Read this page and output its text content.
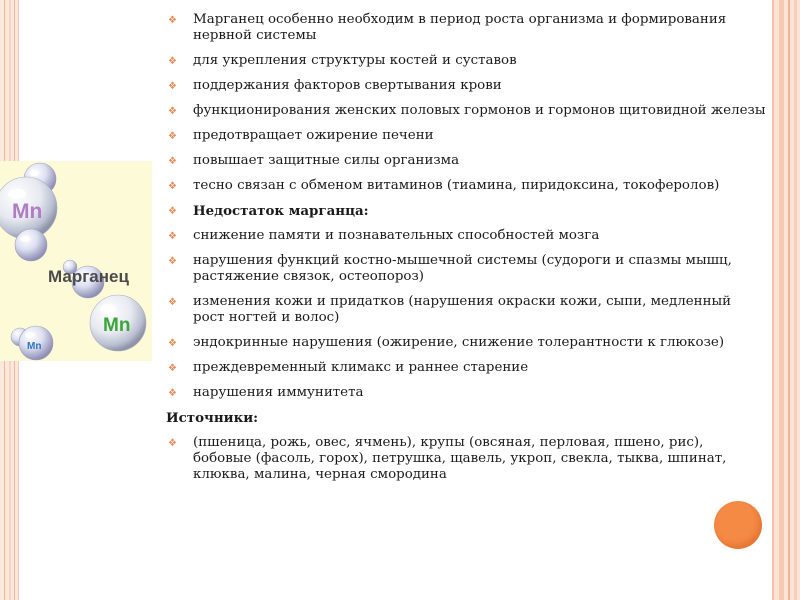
Mn
Марганец
Mn
Mn
❖ Марганец особенно необходим в период роста организма и формирования нервной системы
❖ для укрепления структуры костей и суставов
❖ поддержания факторов свертывания крови
❖ функционирования женских половых гормонов и гормонов щитовидной железы
❖ предотвращает ожирение печени
❖ повышает защитные силы организма
❖ тесно связан с обменом витаминов (тиамина, пиридоксина, токоферолов)
❖ Недостаток марганца:
❖ снижение памяти и познавательных способностей мозга
❖ нарушения функций костно-мышечной системы (судороги и спазмы мышц, растяжение связок, остеопороз)
❖ изменения кожи и придатков (нарушения окраски кожи, сыпи, медленный рост ногтей и волос)
❖ эндокринные нарушения (ожирение, снижение толерантности к глюкозе)
❖ преждевременный климакс и раннее старение
❖ нарушения иммунитета
Источники:
❖ (пшеница, рожь, овес, ячмень), крупы (овсяная, перловая, пшено, рис), бобовые (фасоль, горох), петрушка, щавель, укроп, свекла, тыква, шпинат, клюква, малина, черная смородина
